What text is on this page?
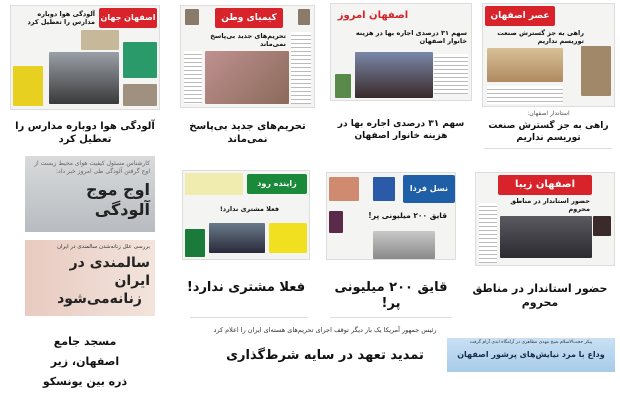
اصفهان جهان
آلودگی هوا دوباره مدارس را تعطیل کرد
آلودگی هوا دوباره مدارس را تعطیل کرد
کیمیای وطن
تحریم‌های جدید بی‌پاسخ نمی‌ماند
تحریم‌های جدید بی‌پاسخ نمی‌ماند
اصفهان امروز
سهم ۳۱ درصدی اجاره بها در هزینه خانوار اصفهان
سهم ۳۱ درصدی اجاره بها در هزینه خانوار اصفهان
عصر اصفهان
راهی به جز گسترش صنعت توریسم نداریم
استاندار اصفهان:
راهی به جز گسترش صنعت توریسم نداریم
کارشناس مسئول کیفیت هوای محیط زیست از اوج گرفتن آلودگی طی امروز خبر داد:
اوج موج آلودگی
بررسی علل زنانه‌شدن سالمندی در ایران
سالمندی در ایران
زنانه‌می‌شود
مسجد جامع
اصفهان، زیر
ذره بین یونسکو
زاینده رود
فعلا مشتری ندارد!
فعلا مشتری ندارد!
نسل فردا
قایق ۲۰۰ میلیونی پر!
قایق ۲۰۰ میلیونی پر!
اصفهان زیبا
حضور استاندار در مناطق محروم
حضور استاندار در مناطق محروم
رئیس جمهور آمریکا یک بار دیگر توقف اجرای تحریم‌های هسته‌ای ایران را اعلام کرد
تمدید تعهد در سایه شرط‌گذاری
پیکر حجت‌الاسلام شیخ مهدی مظاهری در آرامگاه ابدی آرام گرفت
وداع با مرد نیایش‌های پرشور اصفهان
